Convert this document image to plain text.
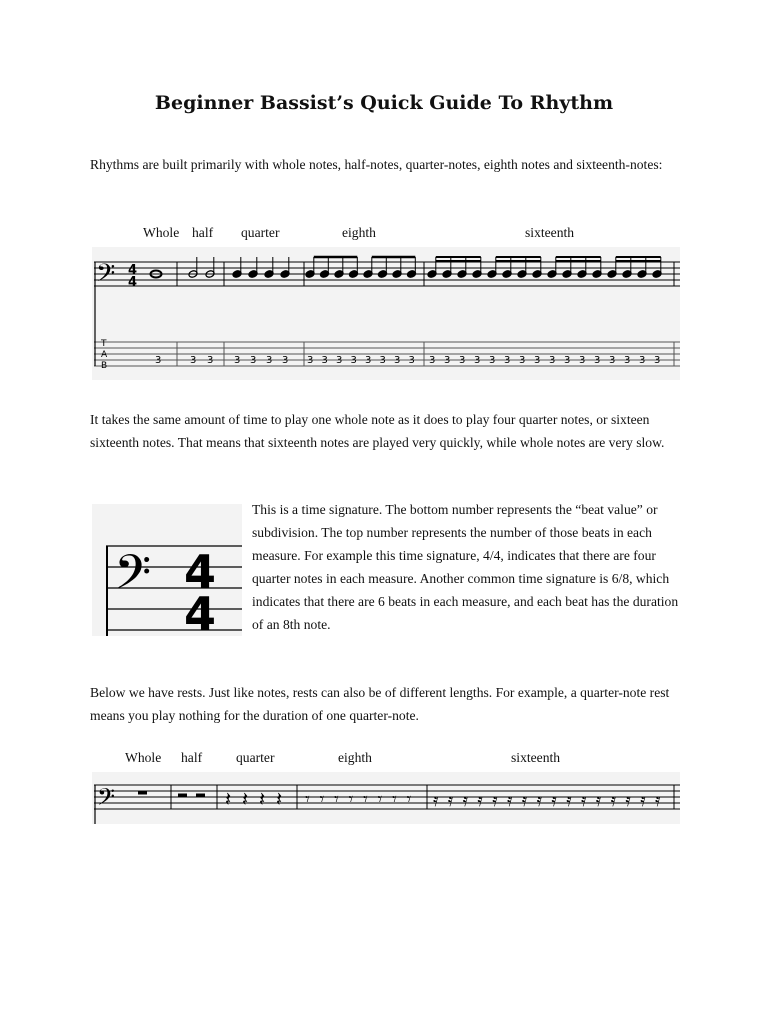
Beginner Bassist’s Quick Guide To Rhythm

Rhythms are built primarily with whole notes, half-notes, quarter-notes, eighth notes and sixteenth-notes:

Whole half quarter	eighth	sixteenth
𝄢 4
4
T
A
B	3	3 3 3 3 3 3 3 3 3 3 3 3 3 3 3 3 3 3 3 3 3 3 3 3 3 3 3 3 3 3

It takes the same amount of time to play one whole note as it does to play four quarter notes, or sixteen sixteenth notes. That means that sixteenth notes are played very quickly, while whole notes are very slow.

𝄢 4
4

This is a time signature. The bottom number represents the “beat value” or subdivision. The top number represents the number of those beats in each measure. For example this time signature, 4/4, indicates that there are four quarter notes in each measure. Another common time signature is 6/8, which indicates that there are 6 beats in each measure, and each beat has the duration of an 8th note.

Below we have rests. Just like notes, rests can also be of different lengths. For example, a quarter-note rest means you play nothing for the duration of one quarter-note.

Whole half quarter	eighth	sixteenth
𝄢	𝄽 𝄽 𝄽 𝄽 𝄾 𝄾 𝄾 𝄾 𝄾 𝄾 𝄾 𝄾 𝄿 𝄿 𝄿 𝄿 𝄿 𝄿 𝄿 𝄿 𝄿 𝄿 𝄿 𝄿 𝄿 𝄿 𝄿 𝄿
